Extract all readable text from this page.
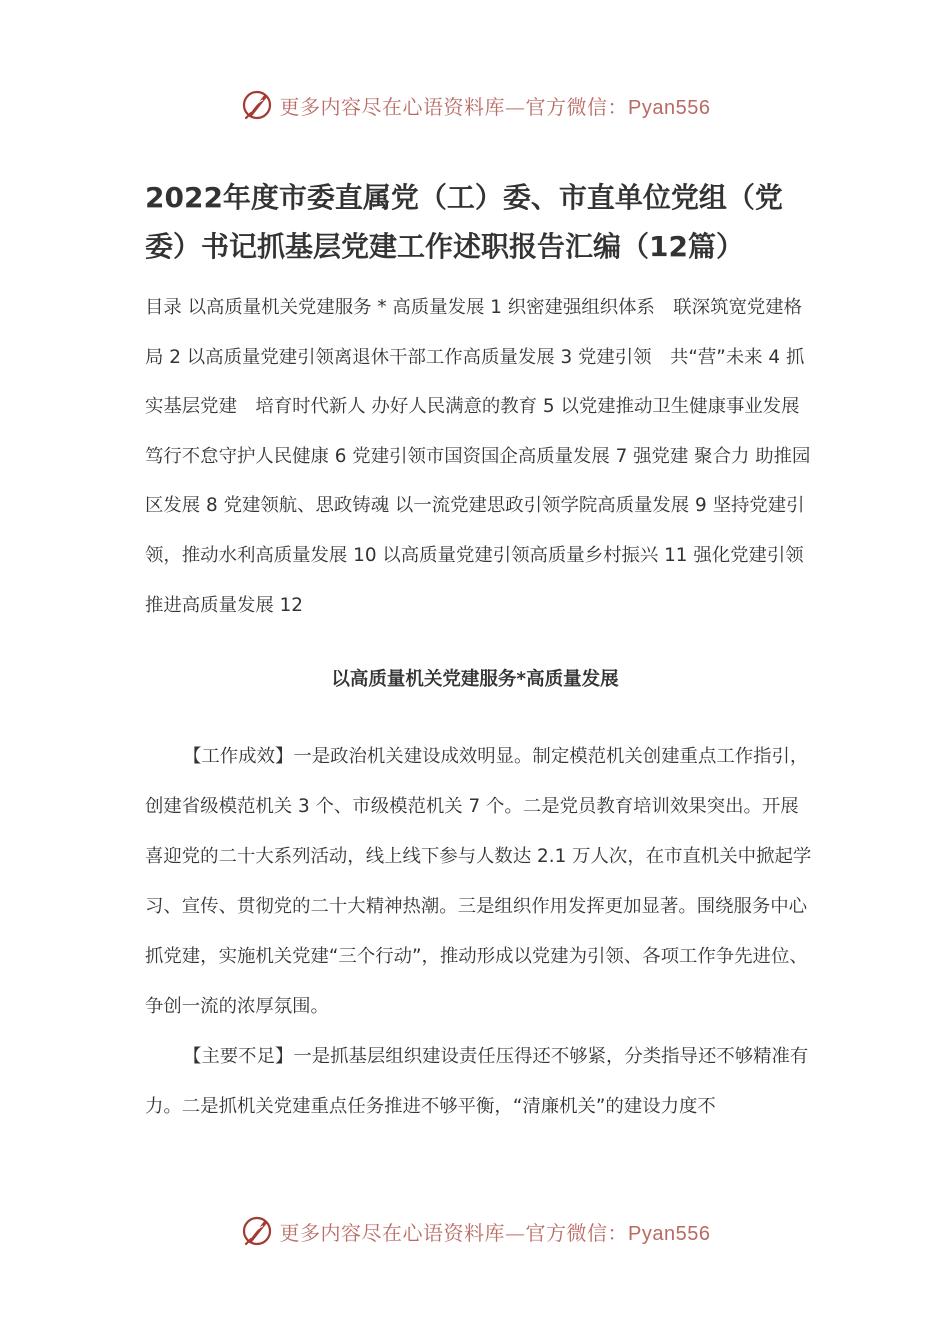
更多内容尽在心语资料库—官方微信：Pyan556
2022年度市委直属党（工）委、市直单位党组（党委）书记抓基层党建工作述职报告汇编（12篇）

目录 以高质量机关党建服务 * 高质量发展 1 织密建强组织体系　联深筑宽党建格局 2 以高质量党建引领离退休干部工作高质量发展 3 党建引领　共“营”未来 4 抓实基层党建　培育时代新人 办好人民满意的教育 5 以党建推动卫生健康事业发展 笃行不怠守护人民健康 6 党建引领市国资国企高质量发展 7 强党建 聚合力 助推园区发展 8 党建领航、思政铸魂 以一流党建思政引领学院高质量发展 9 坚持党建引领，推动水利高质量发展 10 以高质量党建引领高质量乡村振兴 11 强化党建引领　推进高质量发展 12

以高质量机关党建服务*高质量发展

【工作成效】一是政治机关建设成效明显。制定模范机关创建重点工作指引，创建省级模范机关 3 个、市级模范机关 7 个。二是党员教育培训效果突出。开展喜迎党的二十大系列活动，线上线下参与人数达 2.1 万人次，在市直机关中掀起学习、宣传、贯彻党的二十大精神热潮。三是组织作用发挥更加显著。围绕服务中心抓党建，实施机关党建“三个行动”，推动形成以党建为引领、各项工作争先进位、争创一流的浓厚氛围。

【主要不足】一是抓基层组织建设责任压得还不够紧，分类指导还不够精准有力。二是抓机关党建重点任务推进不够平衡，“清廉机关”的建设力度不

更多内容尽在心语资料库—官方微信：Pyan556
